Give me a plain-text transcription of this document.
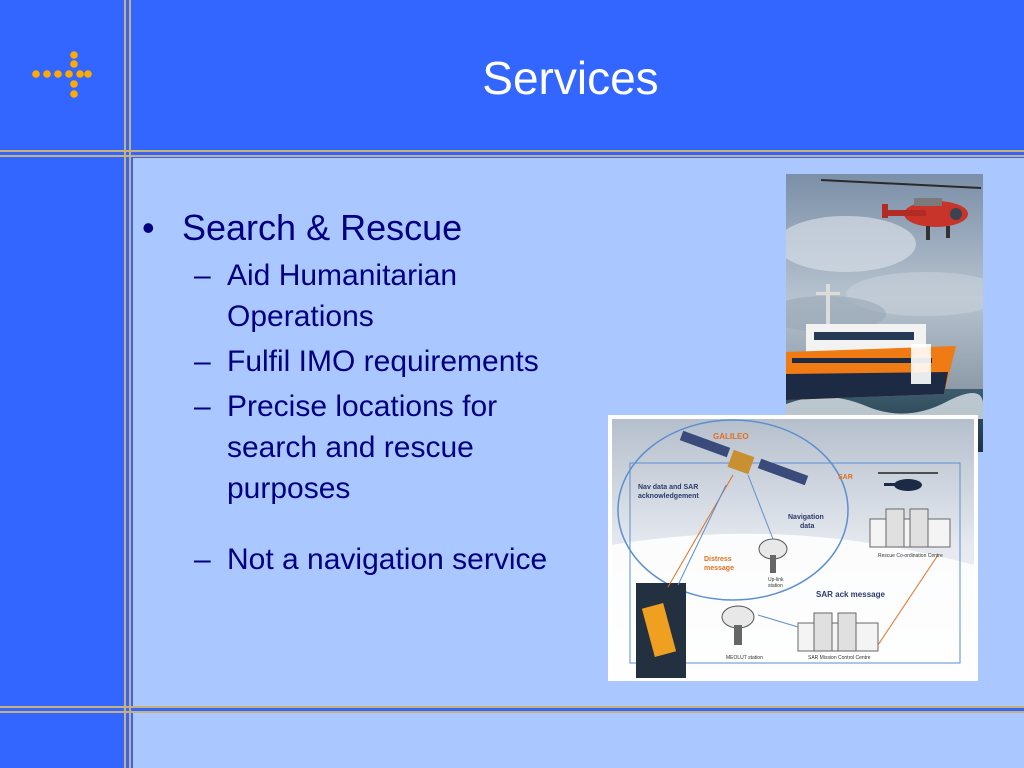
Services
• Search & Rescue
– Aid Humanitarian
Operations
– Fulfil IMO requirements
– Precise locations for
search and rescue
purposes
– Not a navigation service
GALILEO
Nav data and SAR
acknowledgement
Navigation
data
Distress
message
Up-link
station
SAR
Rescue Co-ordination Centre
SAR ack message
MEOLUT station	SAR Mission Control Centre
